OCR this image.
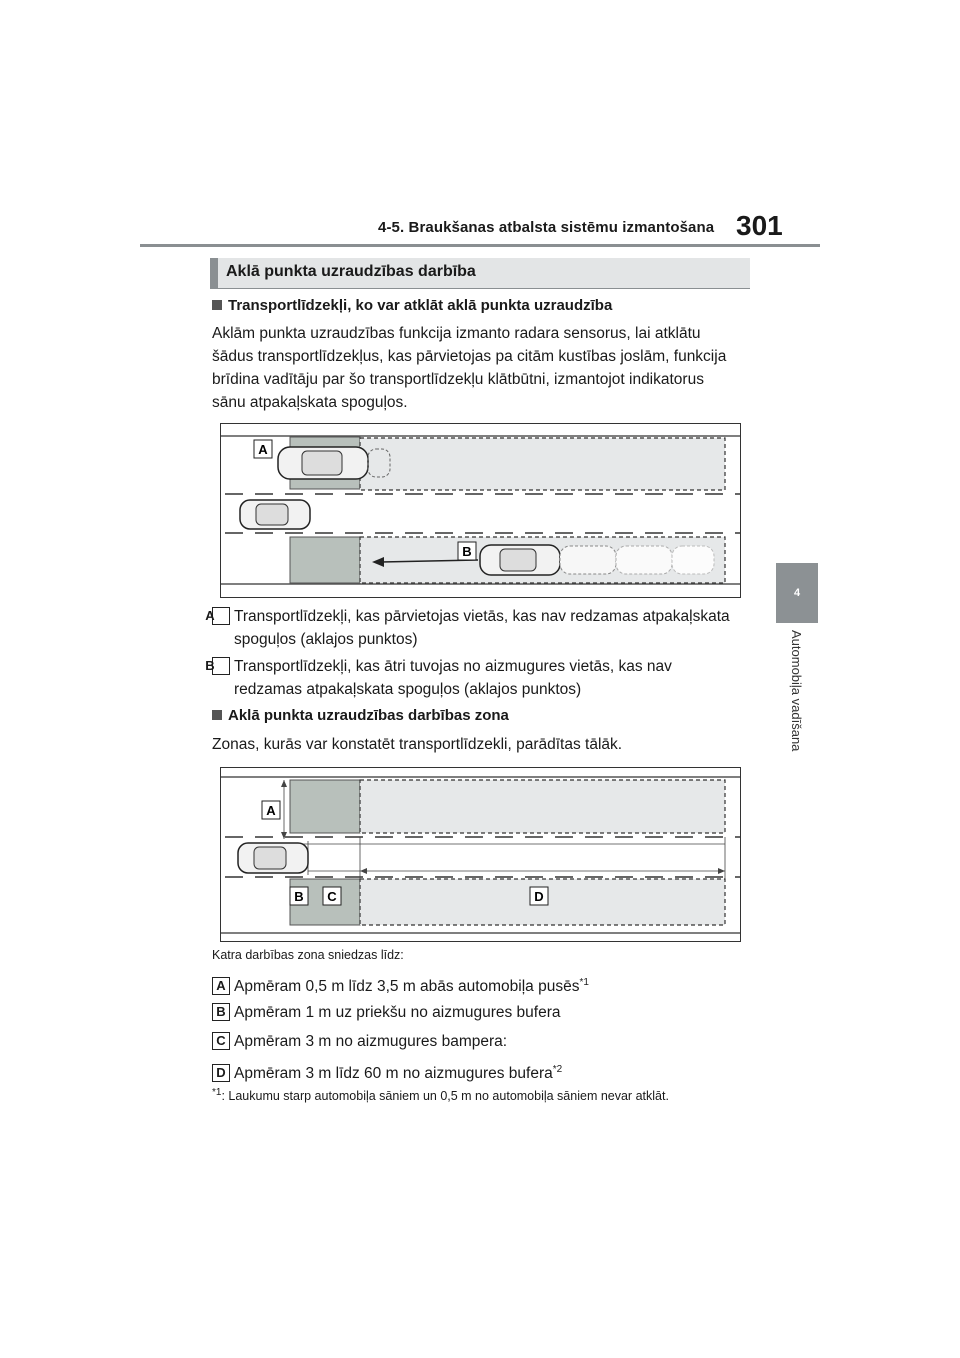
4-5. Braukšanas atbalsta sistēmu izmantošana 301
4
Automobiļa vadīšana
Aklā punkta uzraudzības darbība
Transportlīdzekļi, ko var atklāt aklā punkta uzraudzība
Aklām punkta uzraudzības funkcija izmanto radara sensorus, lai atklātu
šādus transportlīdzekļus, kas pārvietojas pa citām kustības joslām, funkcija
brīdina vadītāju par šo transportlīdzekļu klātbūtni, izmantojot indikatorus
sānu atpakaļskata spoguļos.
A
B
A Transportlīdzekļi, kas pārvietojas vietās, kas nav redzamas atpakaļskata
spoguļos (aklajos punktos)
B Transportlīdzekļi, kas ātri tuvojas no aizmugures vietās, kas nav
redzamas atpakaļskata spoguļos (aklajos punktos)
Aklā punkta uzraudzības darbības zona
Zonas, kurās var konstatēt transportlīdzekli, parādītas tālāk.
A
B C	D
Katra darbības zona sniedzas līdz:
A Apmēram 0,5 m līdz 3,5 m abās automobiļa pusēs$^{*1}$
B Apmēram 1 m uz priekšu no aizmugures bufera
C Apmēram 3 m no aizmugures bampera:
D Apmēram 3 m līdz 60 m no aizmugures bufera$^{*2}$
$^{*1}$: Laukumu starp automobiļa sāniem un 0,5 m no automobiļa sāniem nevar atklāt.
